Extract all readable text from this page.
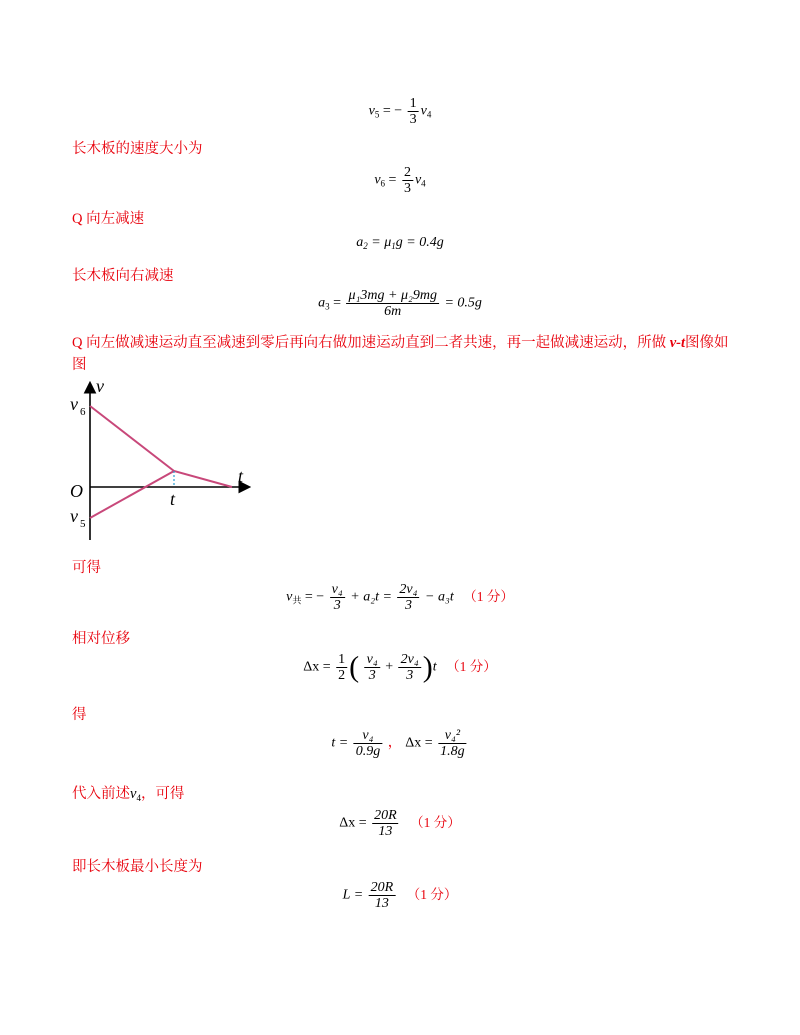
$v_5$ = − $\frac{1}{3} v_4$
长木板的速度大小为
$v_6 = \frac{2}{3} v_4$
Q 向左减速
$a_2 = \mu_1g = 0.4g$
长木板向右减速
$a_3 = \frac{\text{μ₁3mg + μ₂9mg}}{6m} = 0.5g$
Q 向左做减速运动直至减速到零后再向右做加速运动直到二者共速，再一起做减速运动，所做 v-t图像如图
v
t
O
v 6
v 5
t
可得
$v_共$ = − $\frac{\text{v₄}}{3} + a_2t = \frac{\text{2v₄}}{3} - a_3t$ （1 分）
相对位移
$\Delta x = \frac{1}{2}$ ( $\frac{\text{v₄}}{3} + \frac{\text{2v₄}}{3} )t$ （1 分）
得
$t = \frac{\text{v₄}}{0.9g}$ ， $\Delta x = \frac{\text{v₄²}}{1.8g}$
代入前述$v_4$，可得
$\Delta x = \frac{20R}{13} (1$ 分）
即长木板最小长度为
$L = \frac{20R}{13} (1$ 分）
